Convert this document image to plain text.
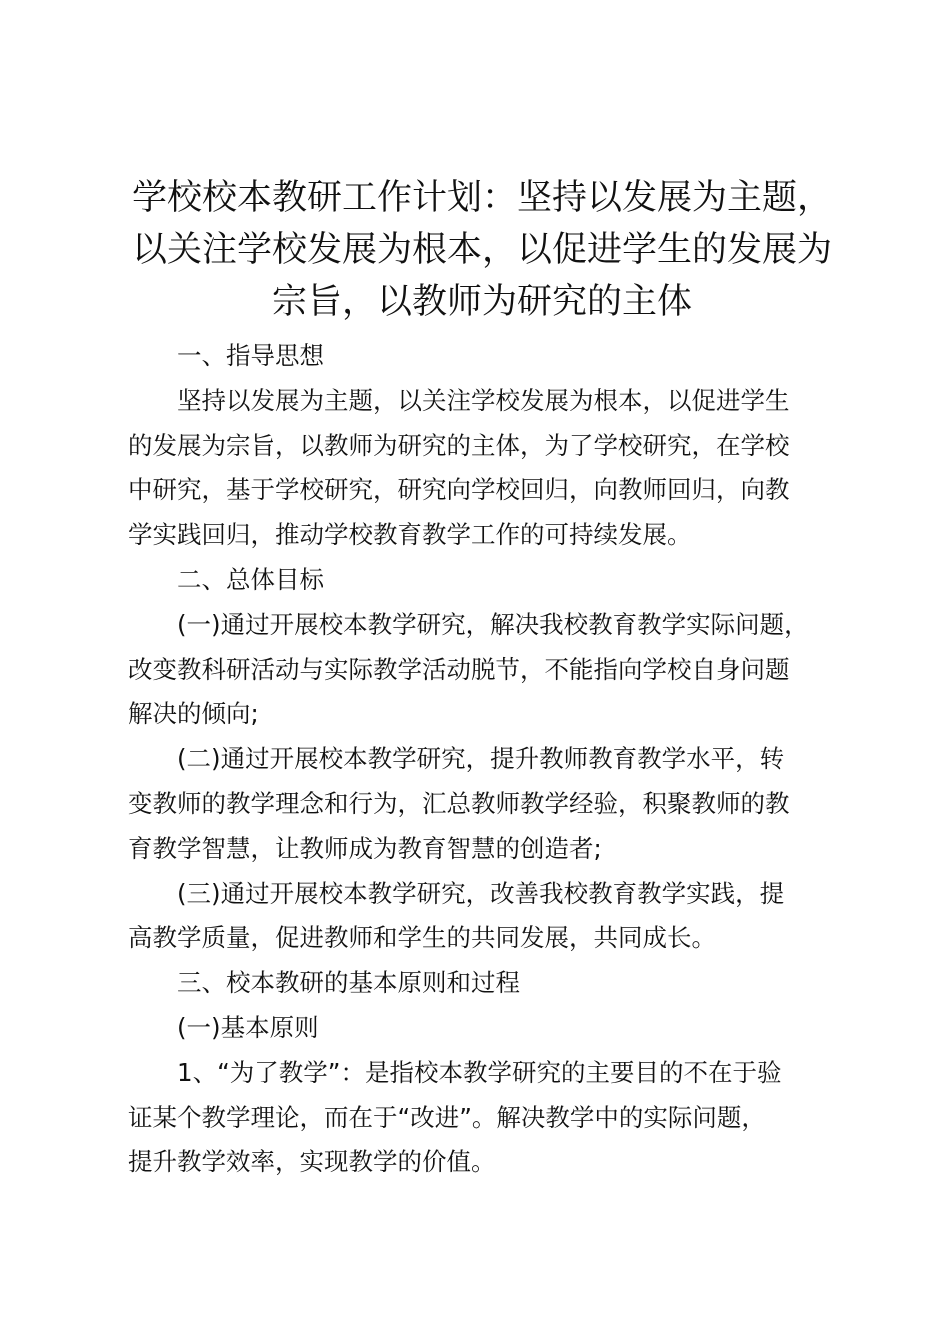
学校校本教研工作计划：坚持以发展为主题，
以关注学校发展为根本，以促进学生的发展为
宗旨，以教师为研究的主体

一、指导思想

坚持以发展为主题，以关注学校发展为根本，以促进学生
的发展为宗旨，以教师为研究的主体，为了学校研究，在学校
中研究，基于学校研究，研究向学校回归，向教师回归，向教
学实践回归，推动学校教育教学工作的可持续发展。

二、总体目标

(一)通过开展校本教学研究，解决我校教育教学实际问题，
改变教科研活动与实际教学活动脱节，不能指向学校自身问题
解决的倾向;

(二)通过开展校本教学研究，提升教师教育教学水平，转
变教师的教学理念和行为，汇总教师教学经验，积聚教师的教
育教学智慧，让教师成为教育智慧的创造者;

(三)通过开展校本教学研究，改善我校教育教学实践，提
高教学质量，促进教师和学生的共同发展，共同成长。

三、校本教研的基本原则和过程

(一)基本原则

1、“为了教学”：是指校本教学研究的主要目的不在于验
证某个教学理论，而在于“改进”。解决教学中的实际问题，
提升教学效率，实现教学的价值。
